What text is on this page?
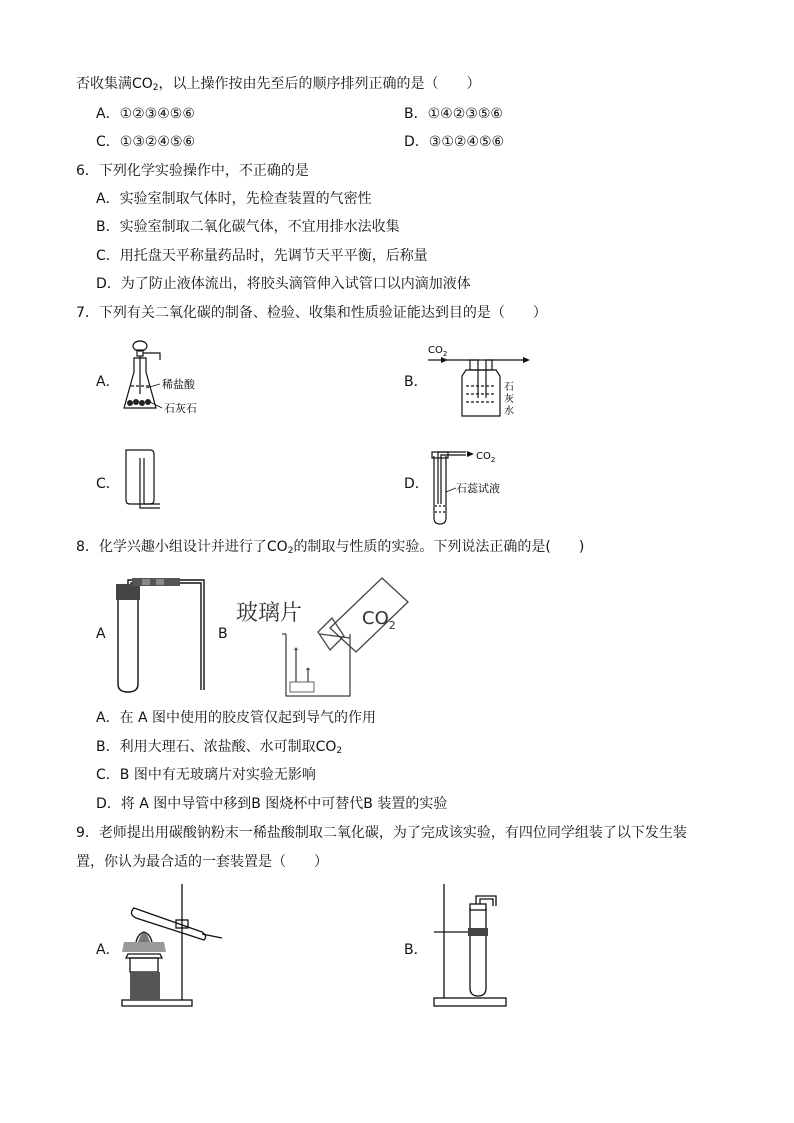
否收集满$CO_2$，以上操作按由先至后的顺序排列正确的是（　　）
A．①②③④⑤⑥	B．①④②③⑤⑥
C．①③②④⑤⑥	D．③①②④⑤⑥
6．下列化学实验操作中，不正确的是
A．实验室制取气体时，先检查装置的气密性
B．实验室制取二氧化碳气体，不宜用排水法收集
C．用托盘天平称量药品时，先调节天平平衡，后称量
D．为了防止液体流出，将胶头滴管伸入试管口以内滴加液体
7．下列有关二氧化碳的制备、检验、收集和性质验证能达到目的是（　　）
A．	稀盐酸
石灰石
B．
$CO_2$
石
灰
水
C．	D．
$CO_2$
石蕊试液
8．化学兴趣小组设计并进行了$CO_2$的制取与性质的实验。下列说法正确的是(　　)
A	B
玻璃片	$CO_2$
A．在 A 图中使用的胶皮管仅起到导气的作用
B．利用大理石、浓盐酸、水可制取$CO_2$
C．B 图中有无玻璃片对实验无影响
D．将 A 图中导管中移到B 图烧杯中可替代B 装置的实验
9．老师提出用碳酸钠粉末一稀盐酸制取二氧化碳，为了完成该实验，有四位同学组装了以下发生装
置，你认为最合适的一套装置是（　　）
A．	B．
